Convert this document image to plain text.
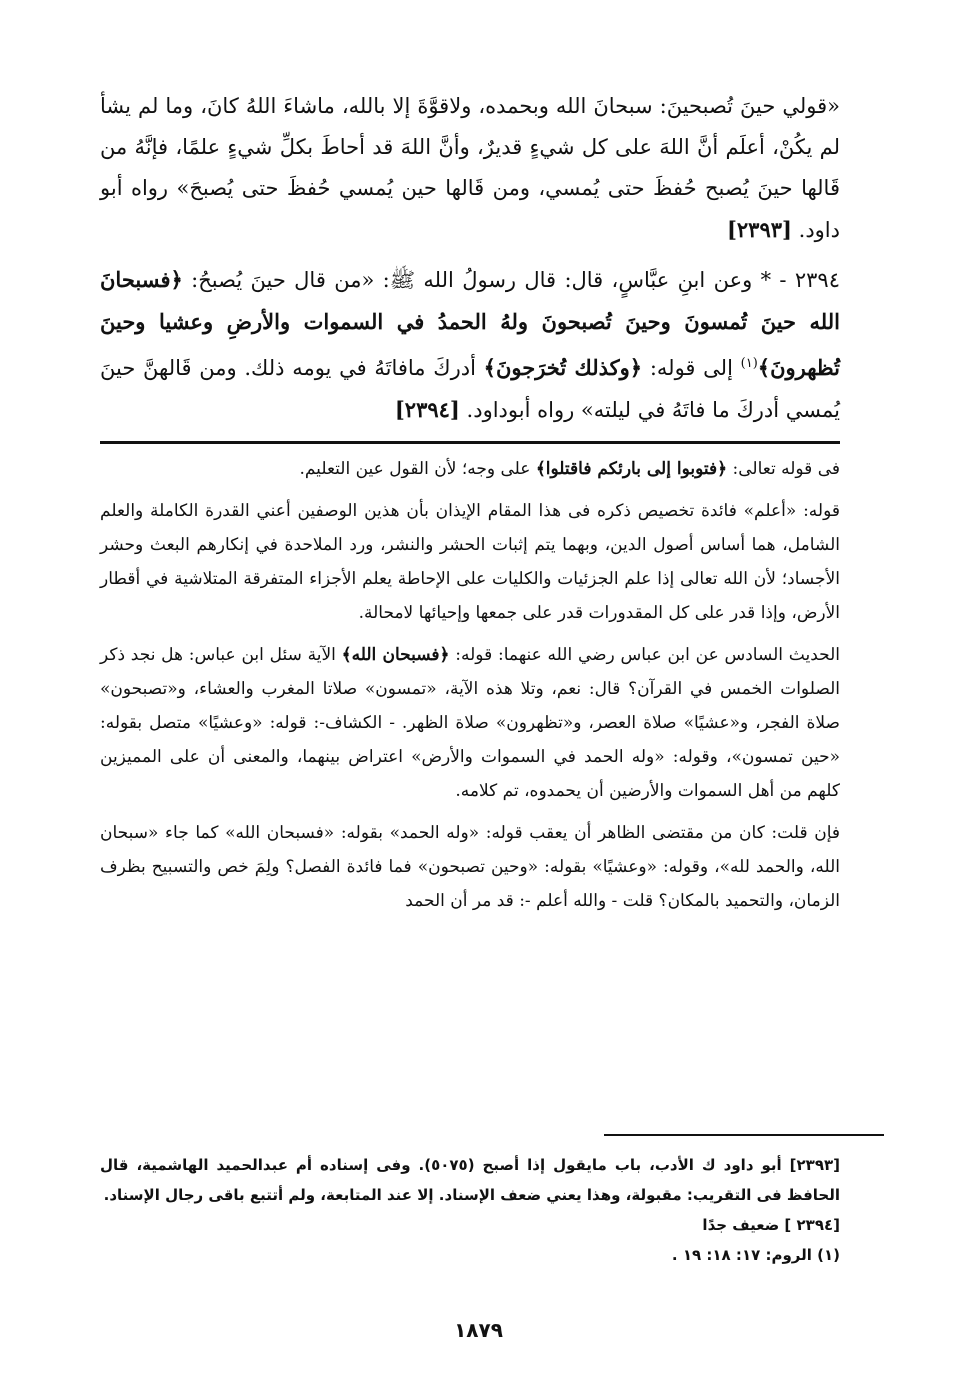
«قولي حينَ تُصبحينَ: سبحانَ الله وبحمده، ولاقوَّةَ إلا بالله، ماشاءَ اللهُ كانَ، وما لم يشأ لم يكُنْ، أعلَم أنَّ اللهَ على كل شيءٍ قديرٌ، وأنَّ اللهَ قد أحاطَ بكلِّ شيءٍ علمًا، فإنَّهُ من قَالها حينَ يُصبح حُفظَ حتى يُمسي، ومن قَالها حين يُمسي حُفظَ حتى يُصبحَ» رواه أبو داود. [٢٣٩٣]

٢٣٩٤ - * وعن ابنِ عبَّاسٍ، قال: قال رسولُ الله ﷺ: «من قال حينَ يُصبحُ: ﴿فسبحانَ الله حينَ تُمسونَ وحينَ تُصبحونَ ولهُ الحمدُ في السموات والأرضِ وعشيا وحينَ تُظهرونَ﴾$^{(١)}$ إلى قوله: ﴿وكذلك تُخرَجونَ﴾ أدركَ مافاتَهُ في يومه ذلك. ومن قَالهنَّ حينَ يُمسي أدركَ ما فاتَهُ في ليلته» رواه أبوداود. [٢٣٩٤]

فى قوله تعالى: ﴿فتوبوا إلى بارئكم فاقتلوا﴾ على وجه؛ لأن القول عين التعليم.

قوله: «أعلم» فائدة تخصيص ذكره فى هذا المقام الإيذان بأن هذين الوصفين أعني القدرة الكاملة والعلم الشامل، هما أساس أصول الدين، وبهما يتم إثبات الحشر والنشر، ورد الملاحدة في إنكارهم البعث وحشر الأجساد؛ لأن الله تعالى إذا علم الجزئيات والكليات على الإحاطة يعلم الأجزاء المتفرقة المتلاشية في أقطار الأرض، وإذا قدر على كل المقدورات قدر على جمعها وإحيائها لامحالة.

الحديث السادس عن ابن عباس رضي الله عنهما: قوله: ﴿فسبحان الله﴾ الآية سئل ابن عباس: هل نجد ذكر الصلوات الخمس في القرآن؟ قال: نعم، وتلا هذه الآية، «تمسون» صلاتا المغرب والعشاء، و«تصبحون» صلاة الفجر، و«عشيًا» صلاة العصر، و«تظهرون» صلاة الظهر. - الكشاف-: قوله: «وعشيًا» متصل بقوله: «حين تمسون»، وقوله: «وله الحمد في السموات والأرض» اعتراض بينهما، والمعنى أن على المميزين كلهم من أهل السموات والأرضين أن يحمدوه، تم كلامه.

فإن قلت: كان من مقتضى الظاهر أن يعقب قوله: «وله الحمد» بقوله: «فسبحان الله» كما جاء «سبحان الله، والحمد لله»، وقوله: «وعشيًا» بقوله: «وحين تصبحون» فما فائدة الفصل؟ ولِمَ خص والتسبيح بظرف الزمان، والتحميد بالمكان؟ قلت - والله أعلم -: قد مر أن الحمد

[٢٣٩٣] أبو داود ك الأدب، باب مايقول إذا أصبح (٥٠٧٥). وفى إسناده أم عبدالحميد الهاشمية، قال الحافظ فى التقريب: مقبولة، وهذا يعني ضعف الإسناد. إلا عند المتابعة، ولم أتتبع باقى رجال الإسناد.

[٢٣٩٤ ] ضعيف جدًا

(١) الروم: ١٧: ١٨: ١٩ .

١٨٧٩
